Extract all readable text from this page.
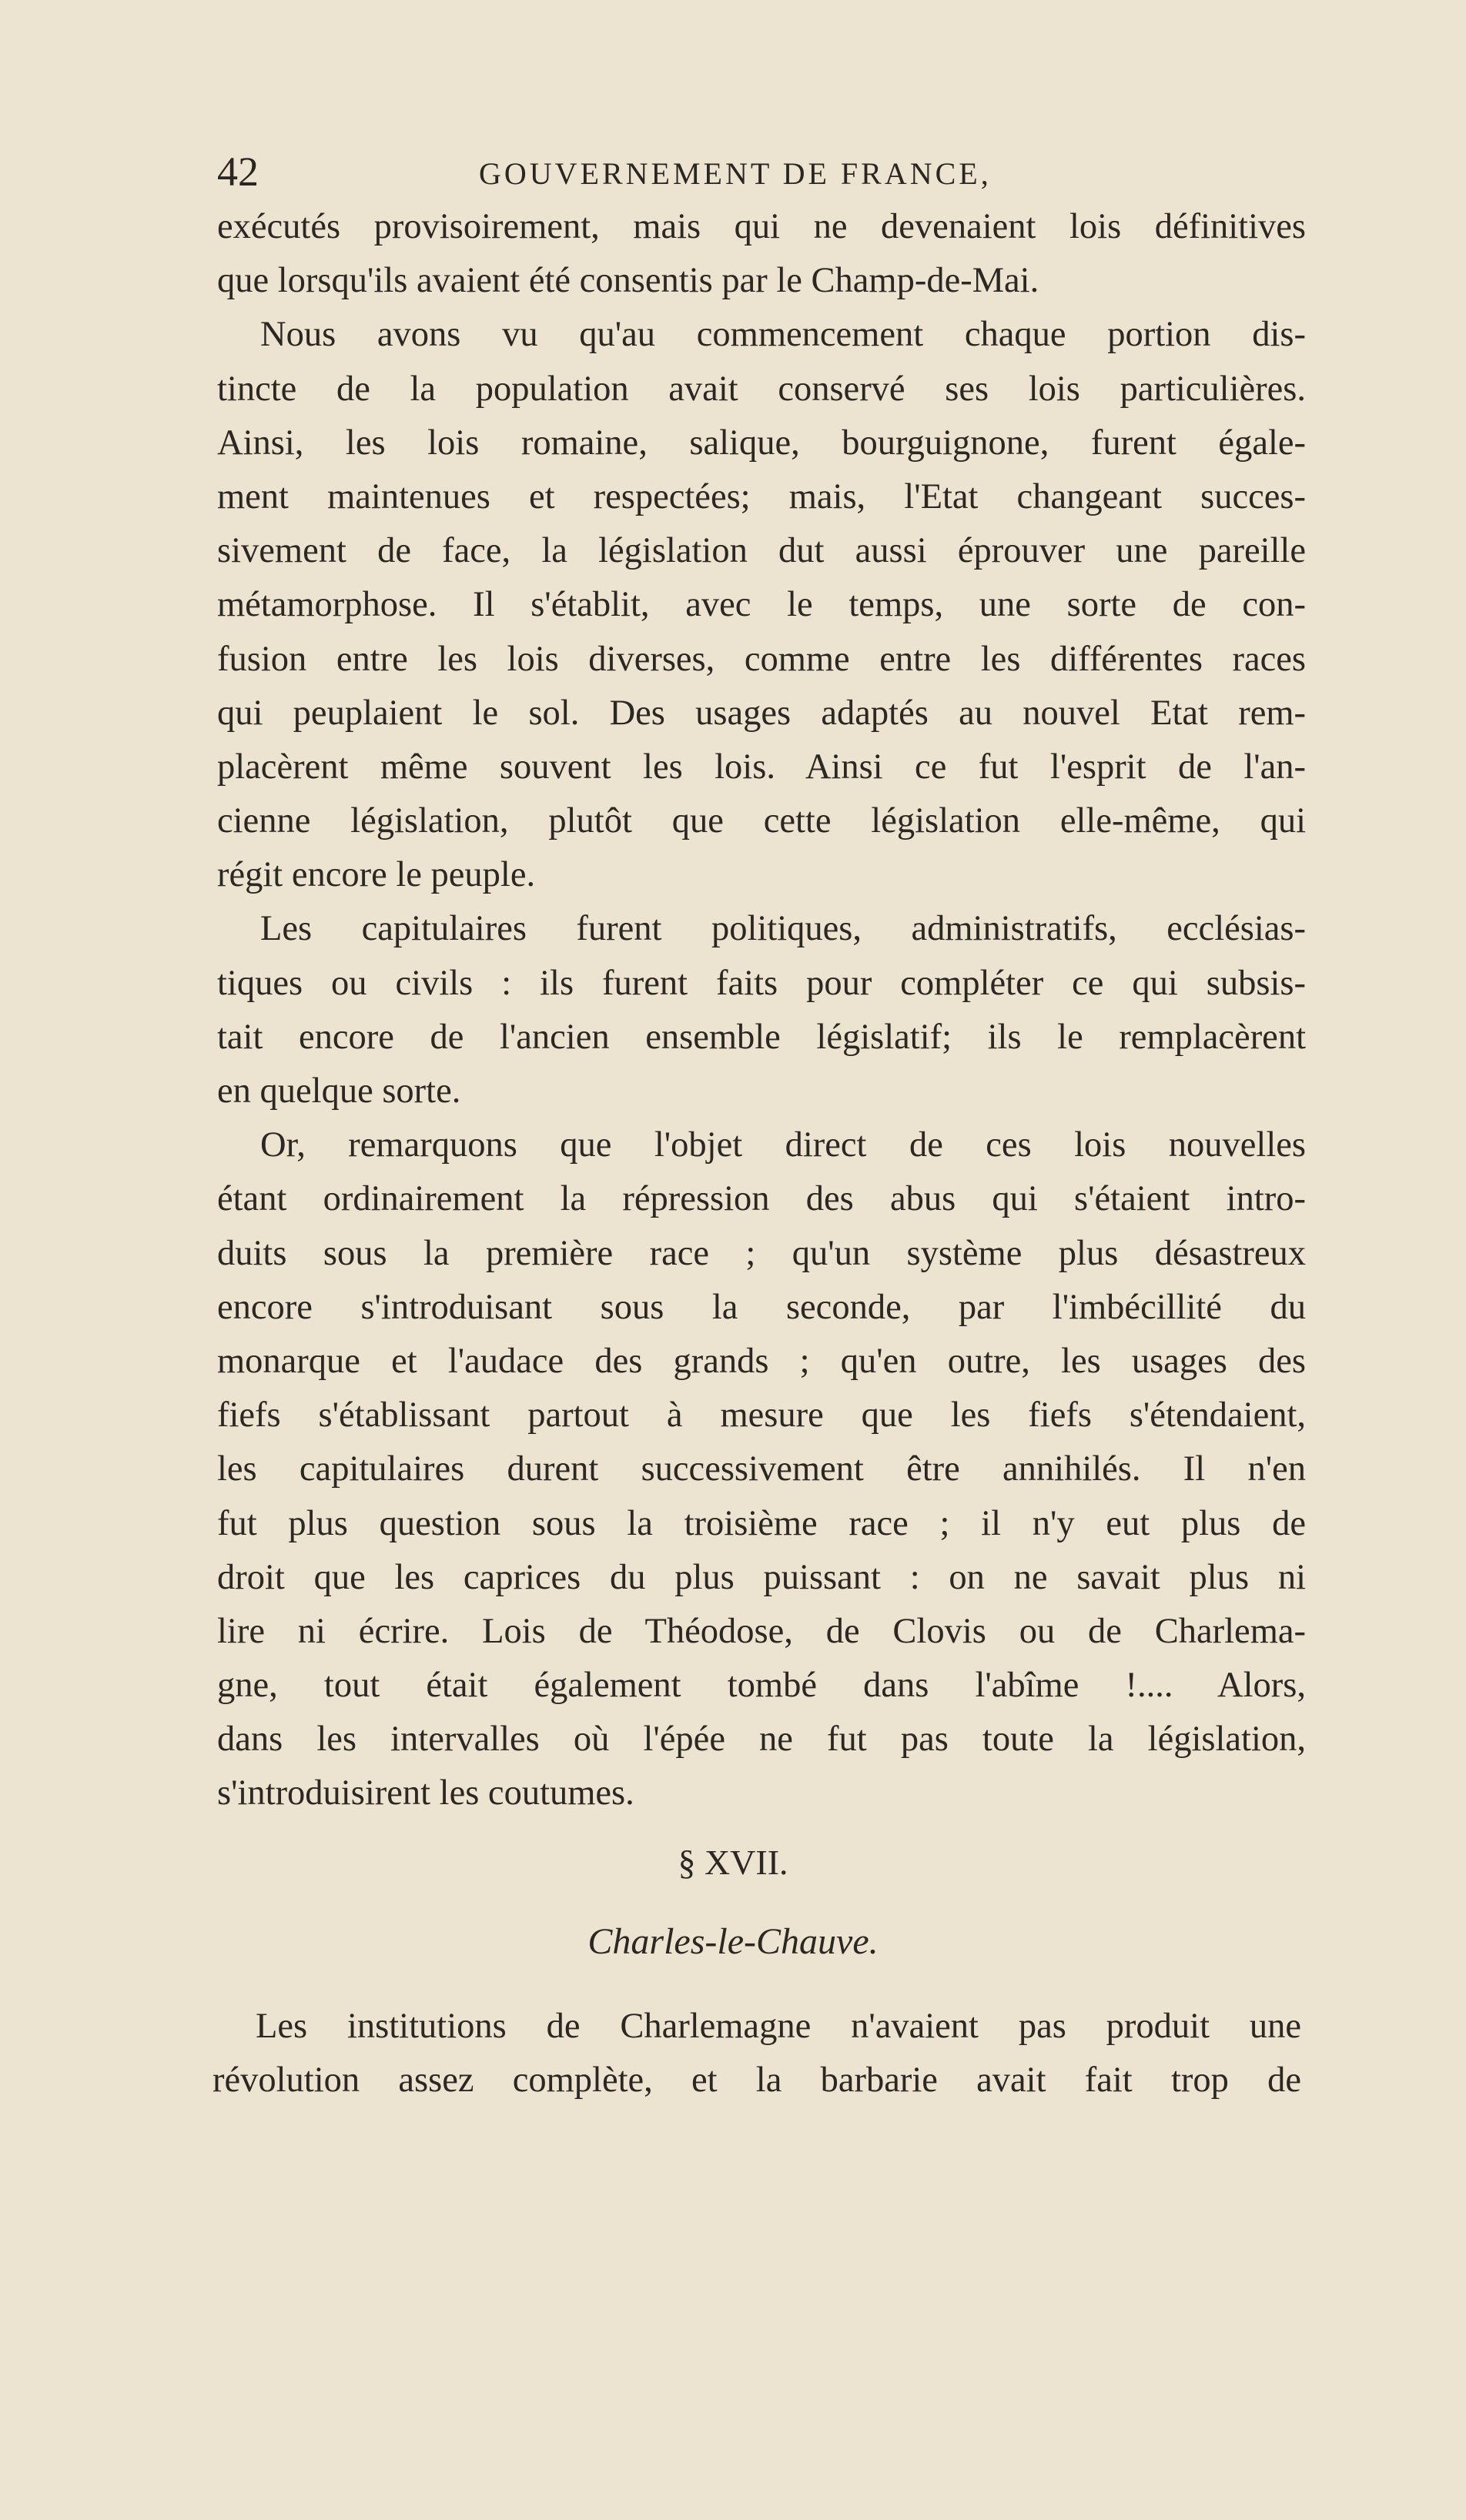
42	GOUVERNEMENT DE FRANCE,
exécutés provisoirement, mais qui ne devenaient lois définitives
que lorsqu'ils avaient été consentis par le Champ-de-Mai.
Nous avons vu qu'au commencement chaque portion dis-
tincte de la population avait conservé ses lois particulières.
Ainsi, les lois romaine, salique, bourguignone, furent égale-
ment maintenues et respectées; mais, l'Etat changeant succes-
sivement de face, la législation dut aussi éprouver une pareille
métamorphose. Il s'établit, avec le temps, une sorte de con-
fusion entre les lois diverses, comme entre les différentes races
qui peuplaient le sol. Des usages adaptés au nouvel Etat rem-
placèrent même souvent les lois. Ainsi ce fut l'esprit de l'an-
cienne législation, plutôt que cette législation elle-même, qui
régit encore le peuple.
Les capitulaires furent politiques, administratifs, ecclésias-
tiques ou civils : ils furent faits pour compléter ce qui subsis-
tait encore de l'ancien ensemble législatif; ils le remplacèrent
en quelque sorte.
Or, remarquons que l'objet direct de ces lois nouvelles
étant ordinairement la répression des abus qui s'étaient intro-
duits sous la première race ; qu'un système plus désastreux
encore s'introduisant sous la seconde, par l'imbécillité du
monarque et l'audace des grands ; qu'en outre, les usages des
fiefs s'établissant partout à mesure que les fiefs s'étendaient,
les capitulaires durent successivement être annihilés. Il n'en
fut plus question sous la troisième race ; il n'y eut plus de
droit que les caprices du plus puissant : on ne savait plus ni
lire ni écrire. Lois de Théodose, de Clovis ou de Charlema-
gne, tout était également tombé dans l'abîme !.... Alors,
dans les intervalles où l'épée ne fut pas toute la législation,
s'introduisirent les coutumes.
§ XVII.
Charles-le-Chauve.
Les institutions de Charlemagne n'avaient pas produit une
révolution assez complète, et la barbarie avait fait trop de
